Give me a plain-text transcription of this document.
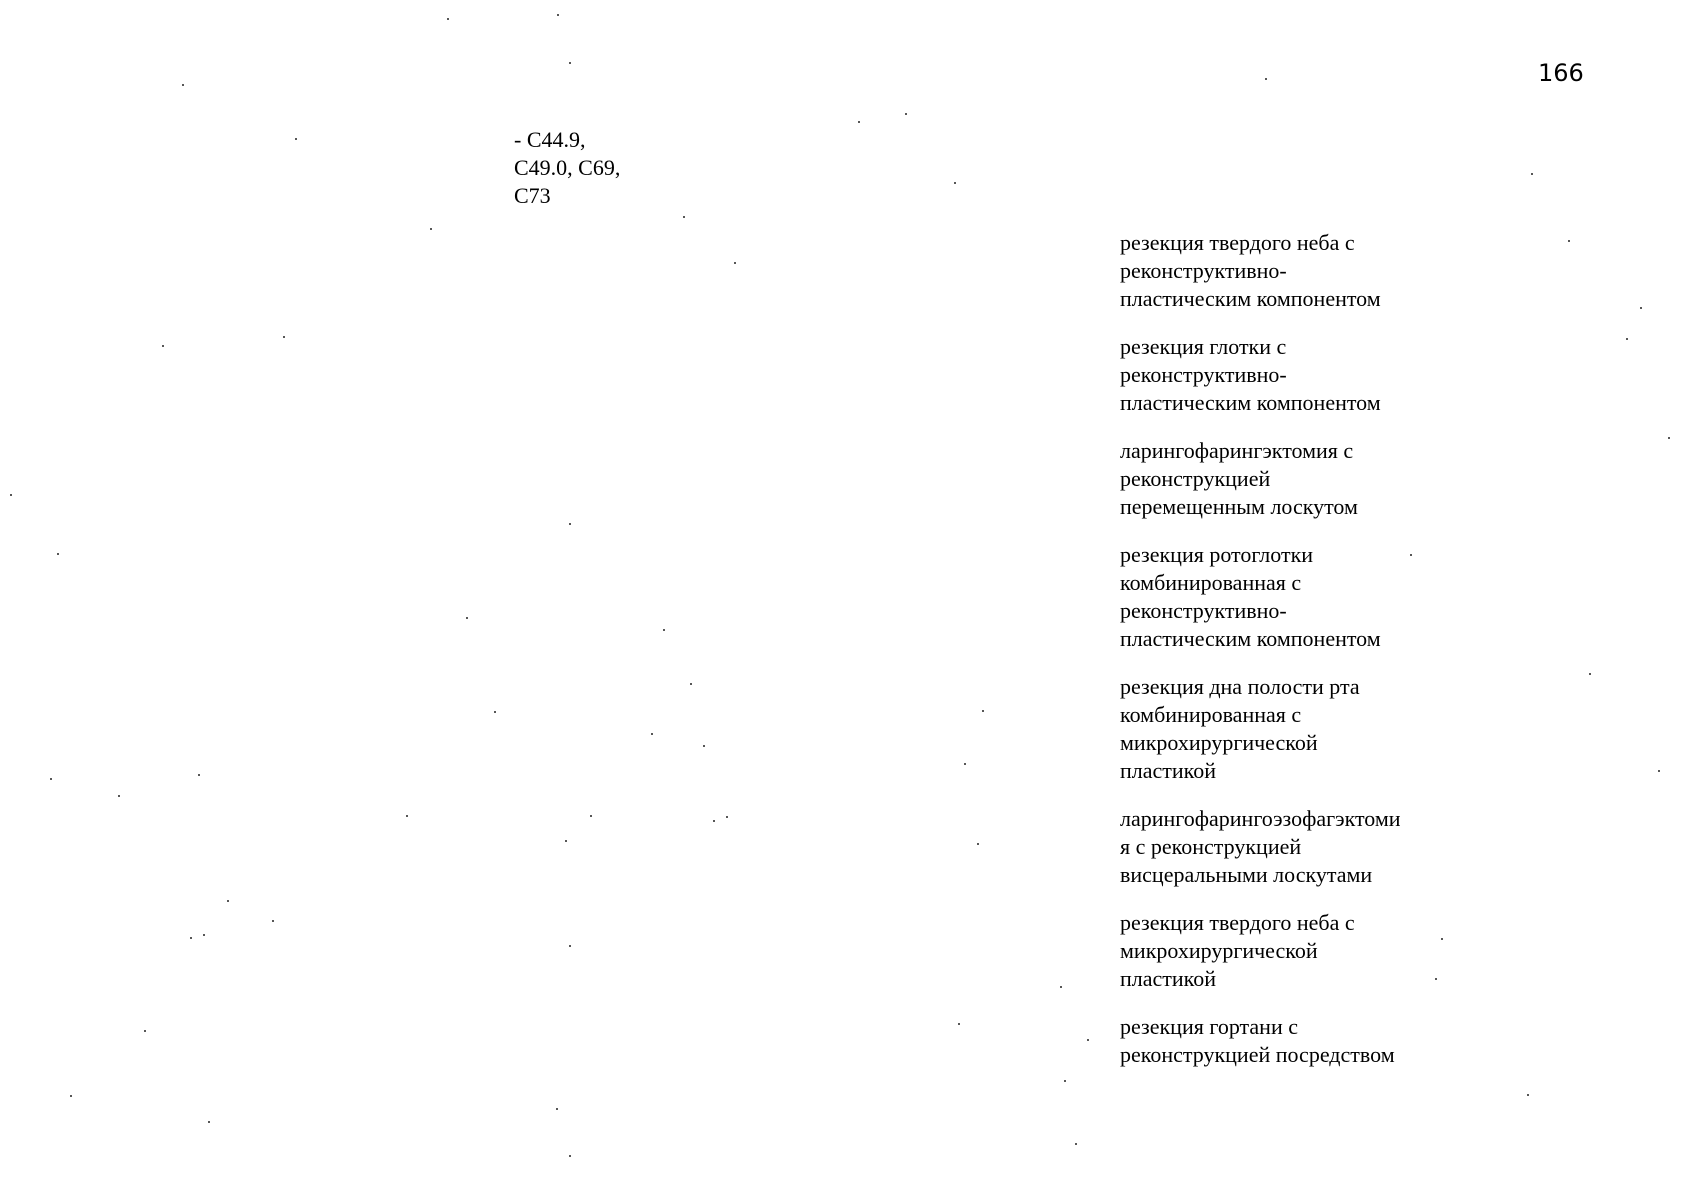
166
- C44.9,
C49.0, C69,
C73
резекция твердого неба с
реконструктивно-
пластическим компонентом
резекция глотки с
реконструктивно-
пластическим компонентом
ларингофарингэктомия с
реконструкцией
перемещенным лоскутом
резекция ротоглотки
комбинированная с
реконструктивно-
пластическим компонентом
резекция дна полости рта
комбинированная с
микрохирургической
пластикой
ларингофарингоэзофагэктоми
я с реконструкцией
висцеральными лоскутами
резекция твердого неба с
микрохирургической
пластикой
резекция гортани с
реконструкцией посредством
